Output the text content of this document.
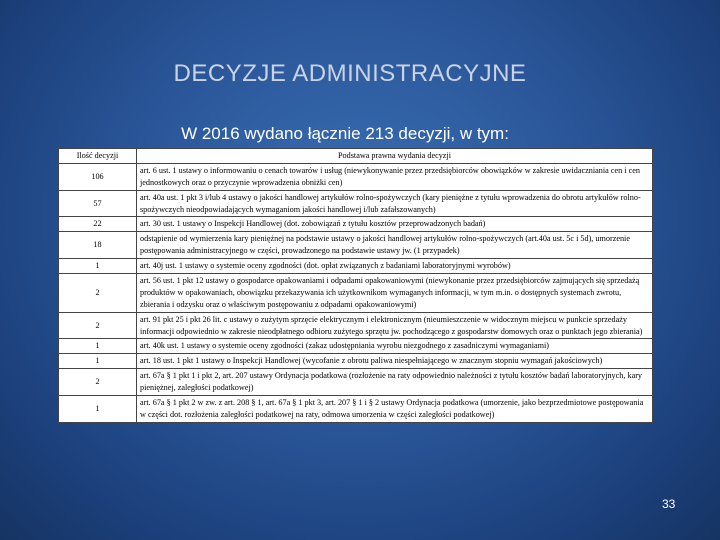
DECYZJE ADMINISTRACYJNE
W 2016 wydano łącznie 213 decyzji, w tym:
Ilość decyzji	Podstawa prawna wydania decyzji
106	art. 6 ust. 1 ustawy o informowaniu o cenach towarów i usług (niewykonywanie przez przedsiębiorców obowiązków w zakresie uwidaczniania cen i cen jednostkowych oraz o przyczynie wprowadzenia obniżki cen)
57	art. 40a ust. 1 pkt 3 i/lub 4 ustawy o jakości handlowej artykułów rolno-spożywczych (kary pieniężne z tytułu wprowadzenia do obrotu artykułów rolno-spożywczych nieodpowiadających wymaganiom jakości handlowej i/lub zafałszowanych)
22	art. 30 ust. 1 ustawy o Inspekcji Handlowej (dot. zobowiązań z tytułu kosztów przeprowadzonych badań)
18	odstąpienie od wymierzenia kary pieniężnej na podstawie ustawy o jakości handlowej artykułów rolno-spożywczych (art.40a ust. 5c i 5d), umorzenie postępowania administracyjnego w części, prowadzonego na podstawie ustawy jw. (1 przypadek)
1	art. 40j ust. 1 ustawy o systemie oceny zgodności (dot. opłat związanych z badaniami laboratoryjnymi wyrobów)
2	art. 56 ust. 1 pkt 12 ustawy o gospodarce opakowaniami i odpadami opakowaniowymi (niewykonanie przez przedsiębiorców zajmujących się sprzedażą produktów w opakowaniach, obowiązku przekazywania ich użytkownikom wymaganych informacji, w tym m.in. o dostępnych systemach zwrotu, zbierania i odzysku oraz o właściwym postępowaniu z odpadami opakowaniowymi)
2	art. 91 pkt 25 i pkt 26 lit. c ustawy o zużytym sprzęcie elektrycznym i elektronicznym (nieumieszczenie w widocznym miejscu w punkcie sprzedaży informacji odpowiednio w zakresie nieodpłatnego odbioru zużytego sprzętu jw. pochodzącego z gospodarstw domowych oraz o punktach jego zbierania)
1	art. 40k ust. 1 ustawy o systemie oceny zgodności (zakaz udostępniania wyrobu niezgodnego z zasadniczymi wymaganiami)
1	art. 18 ust. 1 pkt 1 ustawy o Inspekcji Handlowej (wycofanie z obrotu paliwa niespełniającego w znacznym stopniu wymagań jakościowych)
2	art. 67a § 1 pkt 1 i pkt 2, art. 207 ustawy Ordynacja podatkowa (rozłożenie na raty odpowiednio należności z tytułu kosztów badań laboratoryjnych, kary pieniężnej, zaległości podatkowej)
1	art. 67a § 1 pkt 2 w zw. z art. 208 § 1, art. 67a § 1 pkt 3, art. 207 § 1 i § 2 ustawy Ordynacja podatkowa (umorzenie, jako bezprzedmiotowe postępowania w części dot. rozłożenia zaległości podatkowej na raty, odmowa umorzenia w części zaległości podatkowej)
33
